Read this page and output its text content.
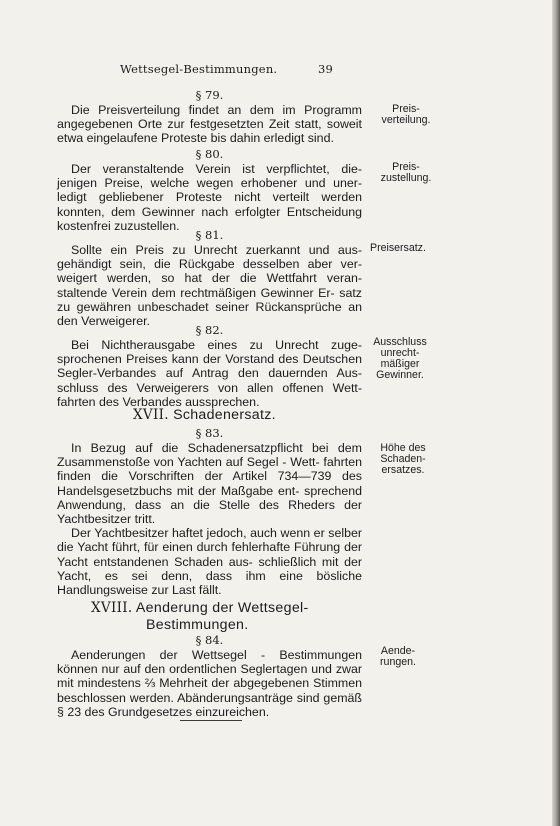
Wettsegel-Bestimmungen.	39
§ 79.

Die Preisverteilung findet an dem im Programm angegebenen Orte zur festgesetzten Zeit statt, soweit etwa eingelaufene Proteste bis dahin erledigt sind.

Preis-verteilung.
§ 80.

Der veranstaltende Verein ist verpflichtet, die- jenigen Preise, welche wegen erhobener und uner- ledigt gebliebener Proteste nicht verteilt werden konnten, dem Gewinner nach erfolgter Entscheidung kostenfrei zuzustellen.

Preis-zustellung.
§ 81.

Sollte ein Preis zu Unrecht zuerkannt und aus- gehändigt sein, die Rückgabe desselben aber ver- weigert werden, so hat der die Wettfahrt veran- staltende Verein dem rechtmäßigen Gewinner Er- satz zu gewähren unbeschadet seiner Rückansprüche an den Verweigerer.

Preisersatz.
§ 82.

Bei Nichtherausgabe eines zu Unrecht zuge- sprochenen Preises kann der Vorstand des Deutschen Segler-Verbandes auf Antrag den dauernden Aus- schluss des Verweigerers von allen offenen Wett- fahrten des Verbandes aussprechen.

Ausschluss unrecht-mäßiger Gewinner.
XVII. Schadenersatz.
§ 83.

In Bezug auf die Schadenersatzpflicht bei dem Zusammenstoße von Yachten auf Segel - Wett- fahrten finden die Vorschriften der Artikel 734—739 des Handelsgesetzbuchs mit der Maßgabe ent- sprechend Anwendung, dass an die Stelle des Rheders der Yachtbesitzer tritt.

Der Yachtbesitzer haftet jedoch, auch wenn er selber die Yacht führt, für einen durch fehlerhafte Führung der Yacht entstandenen Schaden aus- schließlich mit der Yacht, es sei denn, dass ihm eine bösliche Handlungsweise zur Last fällt.

Höhe des Schaden-ersatzes.
XVIII. Aenderung der Wettsegel-
Bestimmungen.
§ 84.

Aenderungen der Wettsegel - Bestimmungen können nur auf den ordentlichen Seglertagen und zwar mit mindestens ⅔ Mehrheit der abgegebenen Stimmen beschlossen werden. Abänderungsanträge sind gemäß § 23 des Grundgesetzes einzureichen.

Aende-rungen.
